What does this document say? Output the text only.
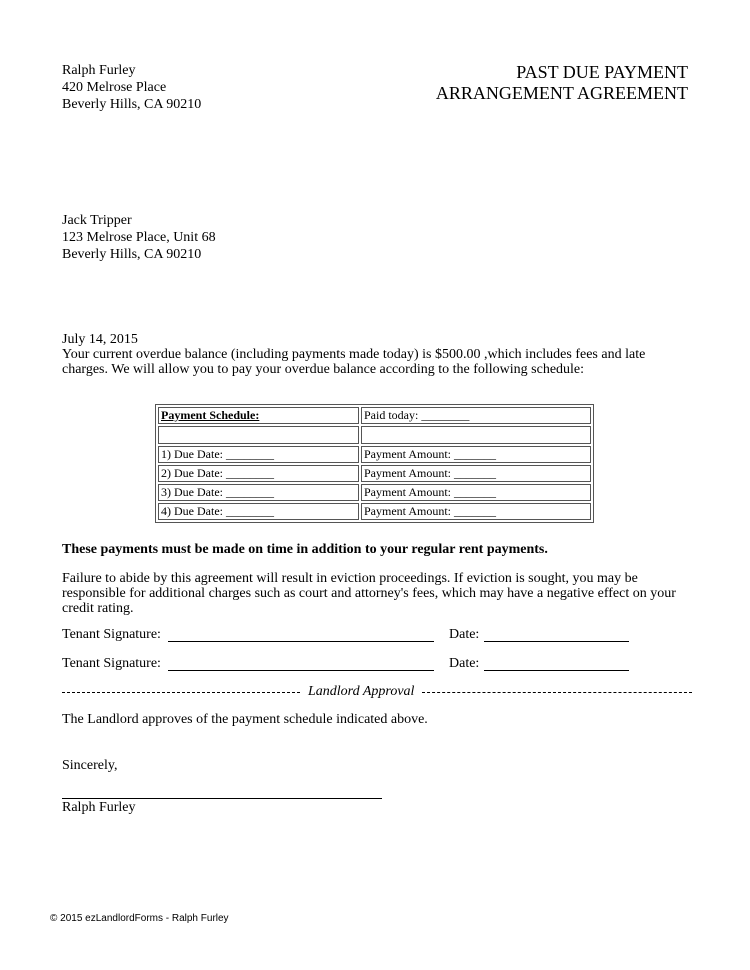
Ralph Furley
420 Melrose Place
Beverly Hills, CA 90210
PAST DUE PAYMENT
ARRANGEMENT AGREEMENT
Jack Tripper
123 Melrose Place, Unit 68
Beverly Hills, CA 90210
July 14, 2015
Your current overdue balance (including payments made today) is $500.00 ,which includes fees and late charges. We will allow you to pay your overdue balance according to the following schedule:
Payment Schedule:	Paid today: ________

1) Due Date: ________	Payment Amount: _______
2) Due Date: ________	Payment Amount: _______
3) Due Date: ________	Payment Amount: _______
4) Due Date: ________	Payment Amount: _______
These payments must be made on time in addition to your regular rent payments.
Failure to abide by this agreement will result in eviction proceedings. If eviction is sought, you may be responsible for additional charges such as court and attorney's fees, which may have a negative effect on your credit rating.
Tenant Signature:	Date:
Tenant Signature:	Date:
Landlord Approval
The Landlord approves of the payment schedule indicated above.
Sincerely,
Ralph Furley
© 2015 ezLandlordForms - Ralph Furley
